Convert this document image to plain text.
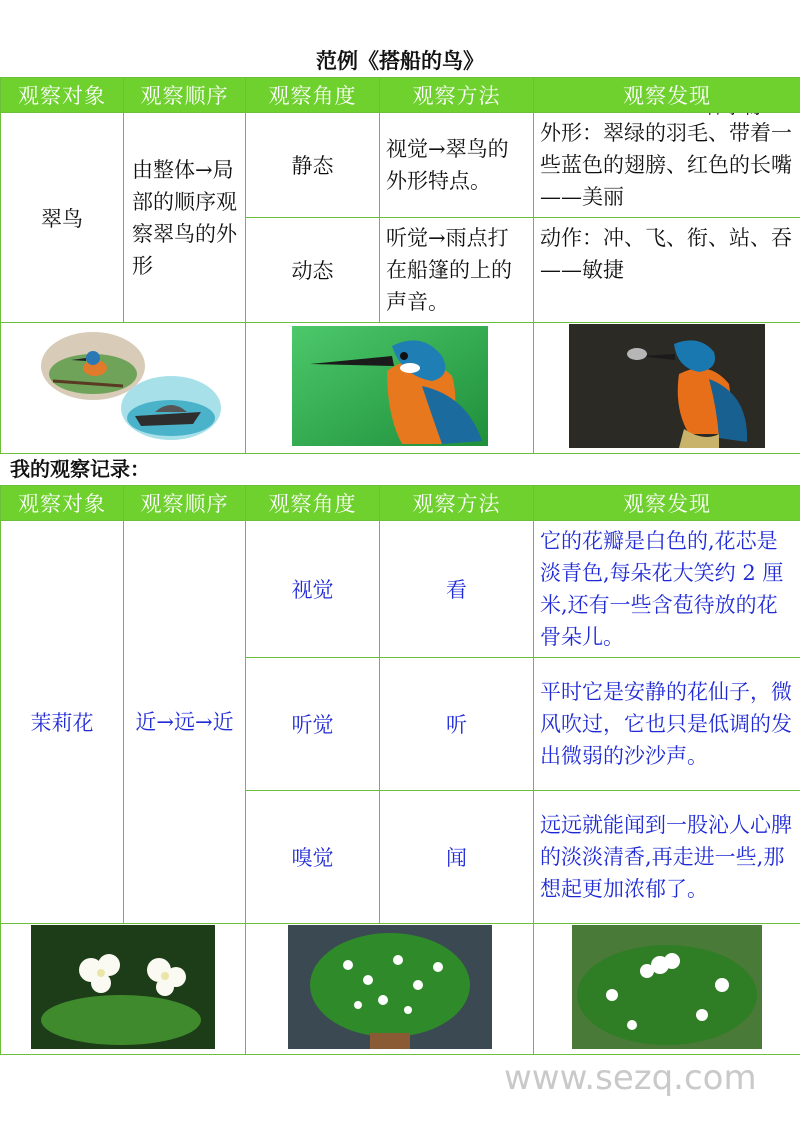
范例《搭船的鸟》
观察对象	观察顺序	观察角度	观察方法	观察发现
翠鸟	由整体→局部的顺序观察翠鸟的外形	静态	视觉→翠鸟的外形特点。	外形：翠绿的羽毛、带着一些蓝色的翅膀、红色的长嘴——美丽
		动态	听觉→雨点打在船篷的上的声音。	动作：冲、飞、衔、站、吞——敏捷

我的观察记录：
观察对象	观察顺序	观察角度	观察方法	观察发现
茉莉花	近→远→近	视觉	看	它的花瓣是白色的,花芯是淡青色,每朵花大笑约 2 厘米,还有一些含苞待放的花骨朵儿。
		听觉	听	平时它是安静的花仙子，微风吹过，它也只是低调的发出微弱的沙沙声。
		嗅觉	闻	远远就能闻到一股沁人心脾的淡淡清香,再走进一些,那想起更加浓郁了。

www.sezq.com
